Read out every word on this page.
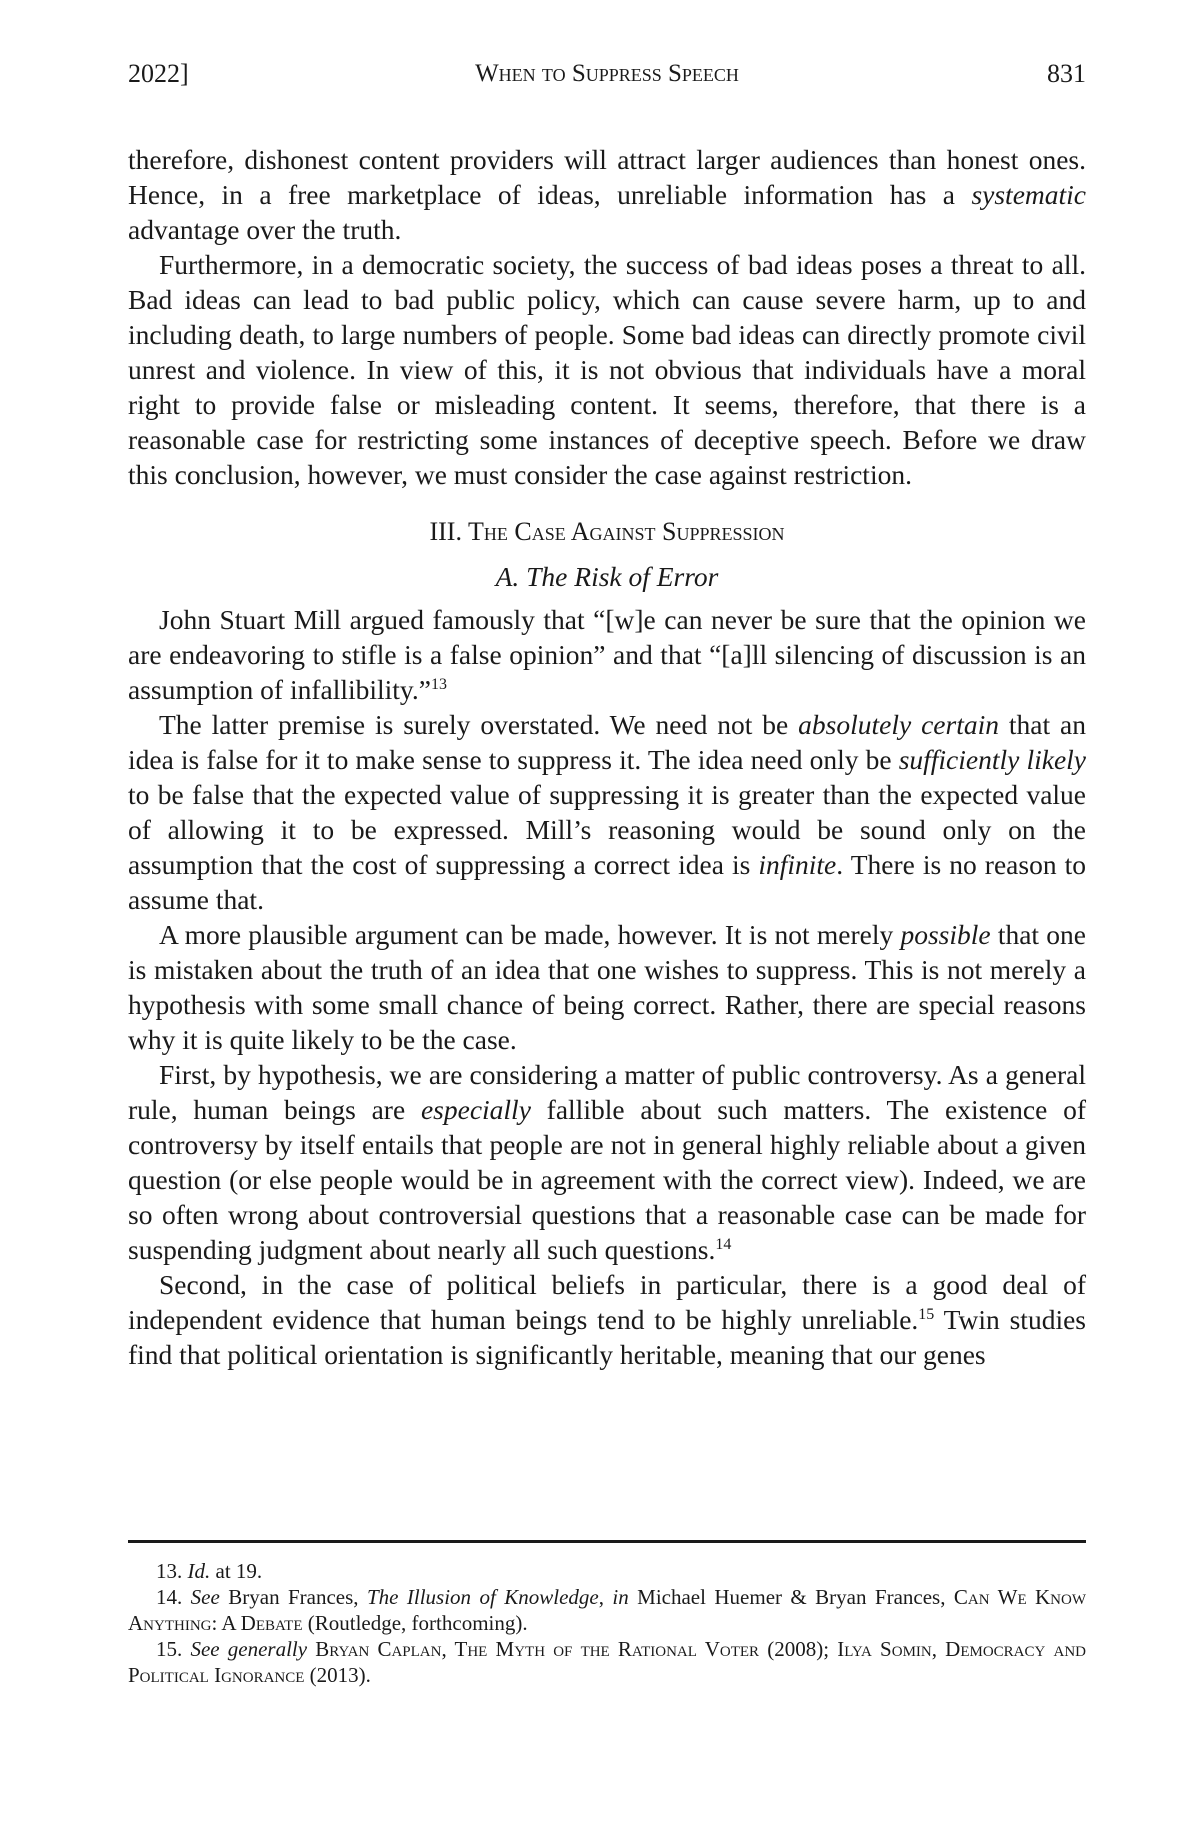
2022]	When to Suppress Speech	831

therefore, dishonest content providers will attract larger audiences than honest ones. Hence, in a free marketplace of ideas, unreliable information has a systematic advantage over the truth.

Furthermore, in a democratic society, the success of bad ideas poses a threat to all. Bad ideas can lead to bad public policy, which can cause severe harm, up to and including death, to large numbers of people. Some bad ideas can directly promote civil unrest and violence. In view of this, it is not obvious that individuals have a moral right to provide false or misleading content. It seems, therefore, that there is a reasonable case for restricting some instances of deceptive speech. Before we draw this conclusion, however, we must consider the case against restriction.

III. The Case Against Suppression
A. The Risk of Error

John Stuart Mill argued famously that “[w]e can never be sure that the opinion we are endeavoring to stifle is a false opinion” and that “[a]ll silencing of discussion is an assumption of infallibility.”$^{13}$

The latter premise is surely overstated. We need not be absolutely certain that an idea is false for it to make sense to suppress it. The idea need only be sufficiently likely to be false that the expected value of suppressing it is greater than the expected value of allowing it to be expressed. Mill’s reasoning would be sound only on the assumption that the cost of suppressing a correct idea is infinite. There is no reason to assume that.

A more plausible argument can be made, however. It is not merely possible that one is mistaken about the truth of an idea that one wishes to suppress. This is not merely a hypothesis with some small chance of being correct. Rather, there are special reasons why it is quite likely to be the case.

First, by hypothesis, we are considering a matter of public controversy. As a general rule, human beings are especially fallible about such matters. The existence of controversy by itself entails that people are not in general highly reliable about a given question (or else people would be in agreement with the correct view). Indeed, we are so often wrong about controversial questions that a reasonable case can be made for suspending judgment about nearly all such questions.$^{14}$

Second, in the case of political beliefs in particular, there is a good deal of independent evidence that human beings tend to be highly unreliable.$^{15}$ Twin studies find that political orientation is significantly heritable, meaning that our genes

13. Id. at 19.

14. See Bryan Frances, The Illusion of Knowledge, in Michael Huemer & Bryan Frances, Can We Know Anything: A Debate (Routledge, forthcoming).

15. See generally Bryan Caplan, The Myth of the Rational Voter (2008); Ilya Somin, Democracy and Political Ignorance (2013).
